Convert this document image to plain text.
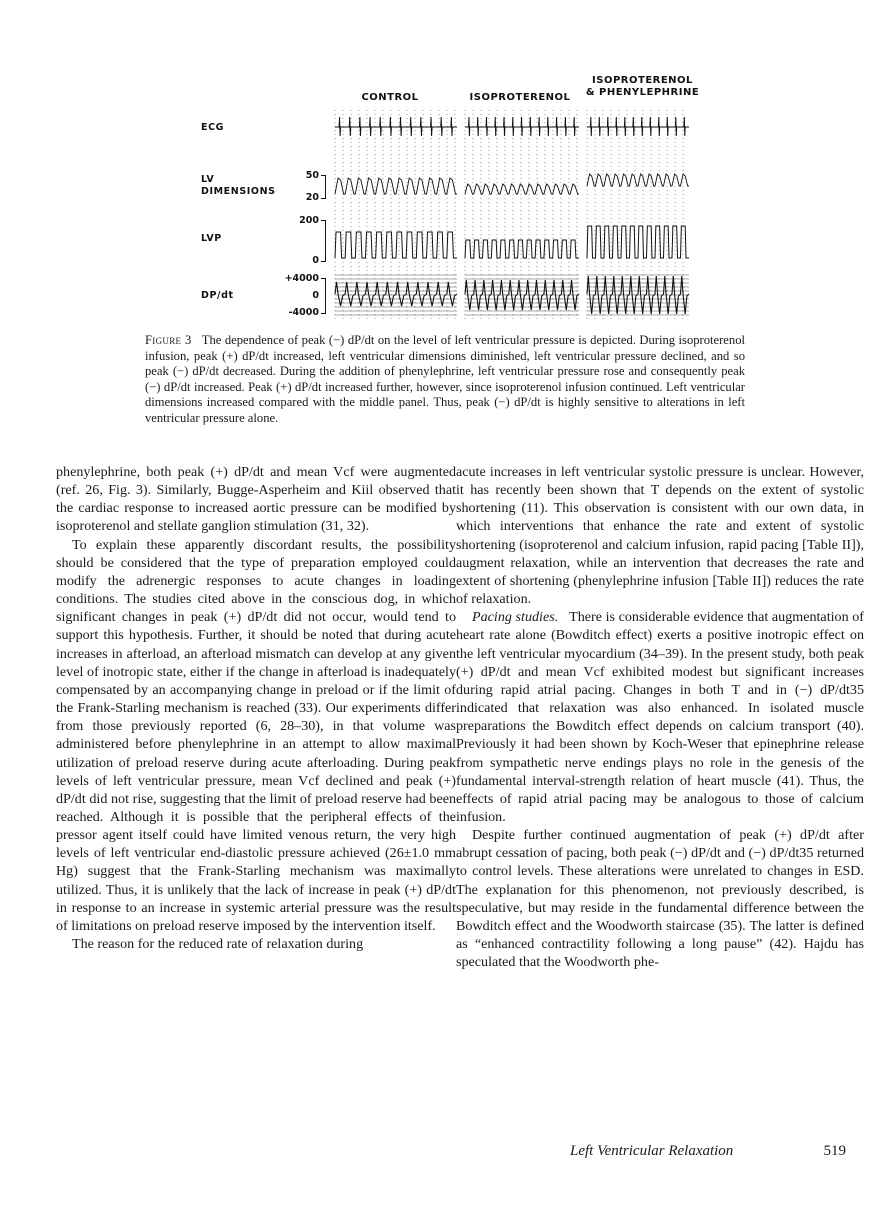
CONTROL	ISOPROTERENOL
ISOPROTERENOL
& PHENYLEPHRINE
ECG
LV
DIMENSIONS
LVP
DP/dt
50
20
200
0
+4000
0
-4000
Figure 3 The dependence of peak (−) dP/dt on the level of left ventricular pressure is depicted. During isoproterenol infusion, peak (+) dP/dt increased, left ventricular dimensions diminished, left ventricular pressure declined, and so peak (−) dP/dt decreased. During the addition of phenylephrine, left ventricular pressure rose and consequently peak (−) dP/dt increased. Peak (+) dP/dt increased further, however, since isoproterenol infusion continued. Left ventricular dimensions increased compared with the middle panel. Thus, peak (−) dP/dt is highly sensitive to alterations in left ventricular pressure alone.

phenylephrine, both peak (+) dP/dt and mean Vcf were augmented (ref. 26, Fig. 3). Similarly, Bugge-Asperheim and Kiil observed that the cardiac response to increased aortic pressure can be modified by isoproterenol and stellate ganglion stimulation (31, 32).

To explain these apparently discordant results, the possibility should be considered that the type of preparation employed could modify the adrenergic responses to acute changes in loading conditions. The studies cited above in the conscious dog, in which significant changes in peak (+) dP/dt did not occur, would tend to support this hypothesis. Further, it should be noted that during acute increases in afterload, an afterload mismatch can develop at any given level of inotropic state, either if the change in afterload is inadequately compensated by an accompanying change in preload or if the limit of the Frank-Starling mechanism is reached (33). Our experiments differ from those previously reported (6, 28–30), in that volume was administered before phenylephrine in an attempt to allow maximal utilization of preload reserve during acute afterloading. During peak levels of left ventricular pressure, mean Vcf declined and peak (+) dP/dt did not rise, suggesting that the limit of preload reserve had been reached. Although it is possible that the peripheral effects of the pressor agent itself could have limited venous return, the very high levels of left ventricular end-diastolic pressure achieved (26±1.0 mm Hg) suggest that the Frank-Starling mechanism was maximally utilized. Thus, it is unlikely that the lack of increase in peak (+) dP/dt in response to an increase in systemic arterial pressure was the result of limitations on preload reserve imposed by the intervention itself.

The reason for the reduced rate of relaxation during

acute increases in left ventricular systolic pressure is unclear. However, it has recently been shown that T depends on the extent of systolic shortening (11). This observation is consistent with our own data, in which interventions that enhance the rate and extent of systolic shortening (isoproterenol and calcium infusion, rapid pacing [Table II]), augment relaxation, while an intervention that decreases the rate and extent of shortening (phenylephrine infusion [Table II]) reduces the rate of relaxation.

Pacing studies. There is considerable evidence that augmentation of heart rate alone (Bowditch effect) exerts a positive inotropic effect on the left ventricular myocardium (34–39). In the present study, both peak (+) dP/dt and mean Vcf exhibited modest but significant increases during rapid atrial pacing. Changes in both T and in (−) dP/dt35 indicated that relaxation was also enhanced. In isolated muscle preparations the Bowditch effect depends on calcium transport (40). Previously it had been shown by Koch-Weser that epinephrine release from sympathetic nerve endings plays no role in the genesis of the fundamental interval-strength relation of heart muscle (41). Thus, the effects of rapid atrial pacing may be analogous to those of calcium infusion.

Despite further continued augmentation of peak (+) dP/dt after abrupt cessation of pacing, both peak (−) dP/dt and (−) dP/dt35 returned to control levels. These alterations were unrelated to changes in ESD. The explanation for this phenomenon, not previously described, is speculative, but may reside in the fundamental difference between the Bowditch effect and the Woodworth staircase (35). The latter is defined as “enhanced contractility following a long pause” (42). Hajdu has speculated that the Woodworth phe-

Left Ventricular Relaxation	519
